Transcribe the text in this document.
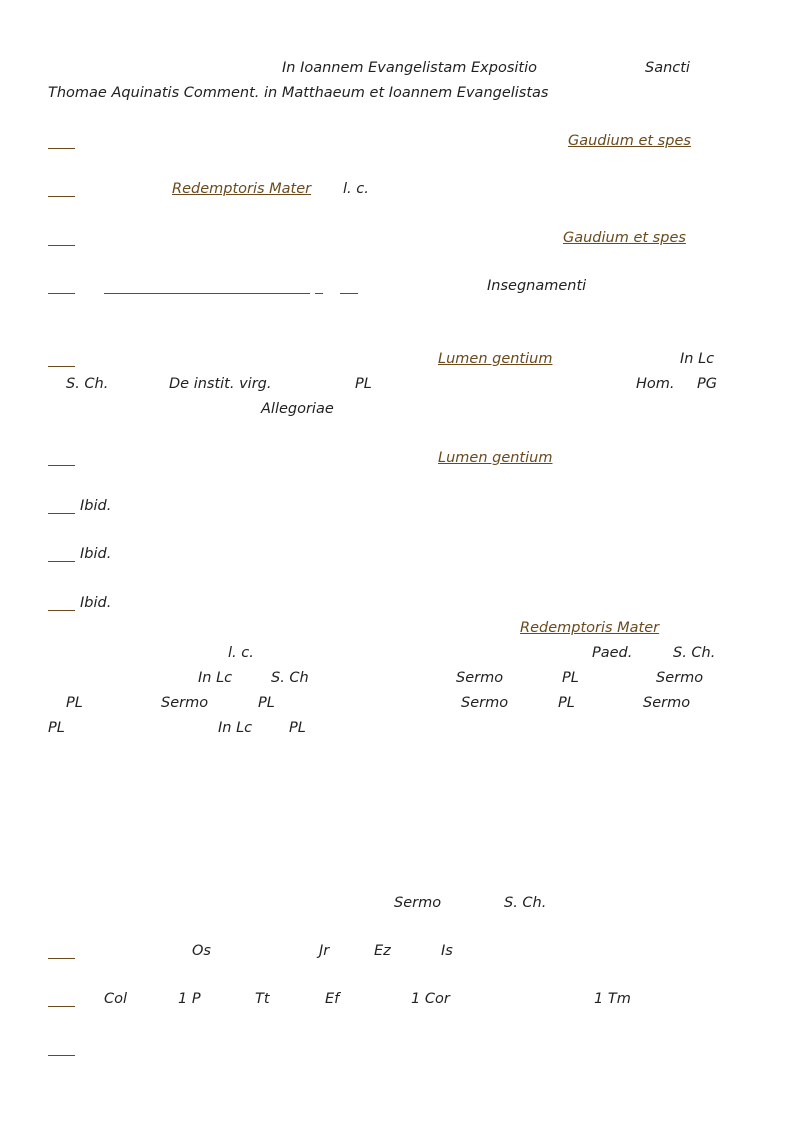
In Ioannem Evangelistam Expositio	Sancti
Thomae Aquinatis Comment. in Matthaeum et Ioannem Evangelistas
Gaudium et spes
Redemptoris Mater l. c.
Gaudium et spes
Insegnamenti
Lumen gentium	In Lc
S. Ch.	De instit. virg.	PL	Hom. PG
Allegoriae
Lumen gentium
Ibid.
Ibid.
Ibid.
Redemptoris Mater
l. c.	Paed.	S. Ch.
In Lc	S. Ch	Sermo	PL	Sermo
PL	Sermo	PL	Sermo	PL	Sermo
PL	In Lc	PL
Sermo	S. Ch.
Os	Jr	Ez	Is
Col	1 P	Tt	Ef	1 Cor	1 Tm
